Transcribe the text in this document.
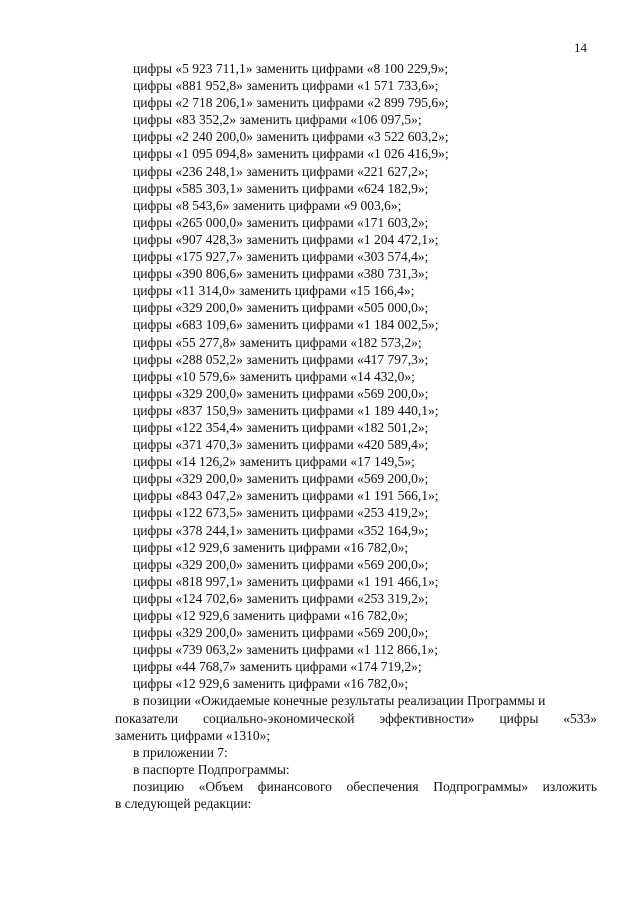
14

цифры «5 923 711,1» заменить цифрами «8 100 229,9»;

цифры «881 952,8» заменить цифрами «1 571 733,6»;

цифры «2 718 206,1» заменить цифрами «2 899 795,6»;

цифры «83 352,2» заменить цифрами «106 097,5»;

цифры «2 240 200,0» заменить цифрами «3 522 603,2»;

цифры «1 095 094,8» заменить цифрами «1 026 416,9»;

цифры «236 248,1» заменить цифрами «221 627,2»;

цифры «585 303,1» заменить цифрами «624 182,9»;

цифры «8 543,6» заменить цифрами «9 003,6»;

цифры «265 000,0» заменить цифрами «171 603,2»;

цифры «907 428,3» заменить цифрами «1 204 472,1»;

цифры «175 927,7» заменить цифрами «303 574,4»;

цифры «390 806,6» заменить цифрами «380 731,3»;

цифры «11 314,0» заменить цифрами «15 166,4»;

цифры «329 200,0» заменить цифрами «505 000,0»;

цифры «683 109,6» заменить цифрами «1 184 002,5»;

цифры «55 277,8» заменить цифрами «182 573,2»;

цифры «288 052,2» заменить цифрами «417 797,3»;

цифры «10 579,6» заменить цифрами «14 432,0»;

цифры «329 200,0» заменить цифрами «569 200,0»;

цифры «837 150,9» заменить цифрами «1 189 440,1»;

цифры «122 354,4» заменить цифрами «182 501,2»;

цифры «371 470,3» заменить цифрами «420 589,4»;

цифры «14 126,2» заменить цифрами «17 149,5»;

цифры «329 200,0» заменить цифрами «569 200,0»;

цифры «843 047,2» заменить цифрами «1 191 566,1»;

цифры «122 673,5» заменить цифрами «253 419,2»;

цифры «378 244,1» заменить цифрами «352 164,9»;

цифры «12 929,6 заменить цифрами «16 782,0»;

цифры «329 200,0» заменить цифрами «569 200,0»;

цифры «818 997,1» заменить цифрами «1 191 466,1»;

цифры «124 702,6» заменить цифрами «253 319,2»;

цифры «12 929,6 заменить цифрами «16 782,0»;

цифры «329 200,0» заменить цифрами «569 200,0»;

цифры «739 063,2» заменить цифрами «1 112 866,1»;

цифры «44 768,7» заменить цифрами «174 719,2»;

цифры «12 929,6 заменить цифрами «16 782,0»;

в позиции «Ожидаемые конечные результаты реализации Программы и
показатели социально-экономической эффективности» цифры «533»
заменить цифрами «1310»;

в приложении 7:

в паспорте Подпрограммы:

позицию «Объем финансового обеспечения Подпрограммы» изложить
в следующей редакции:
